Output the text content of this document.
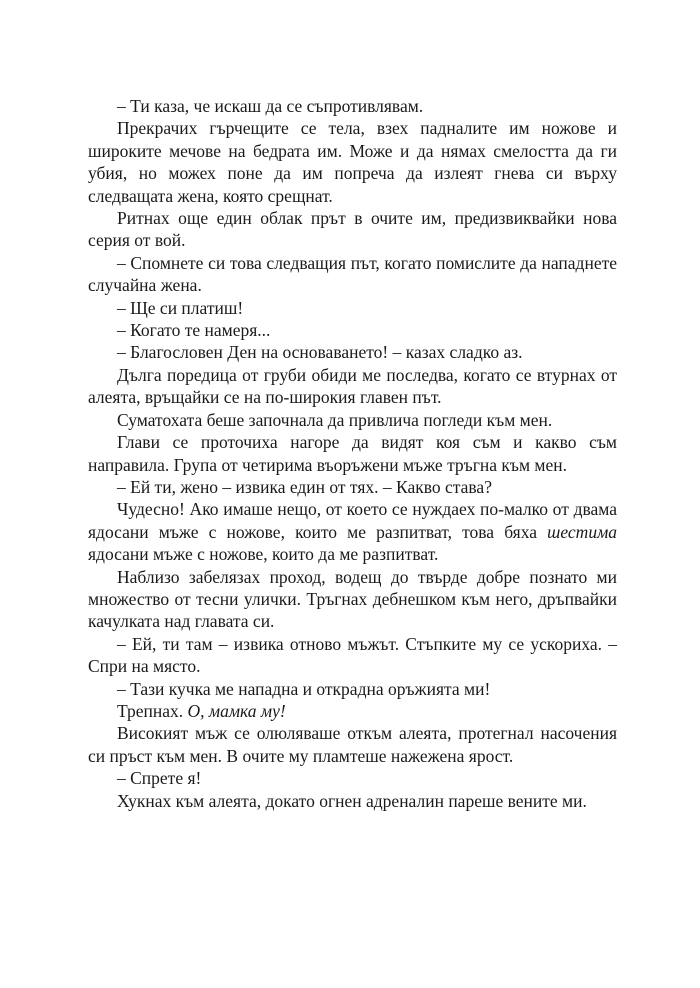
– Ти каза, че искаш да се съпротивлявам.

Прекрачих гърчещите се тела, взех падналите им ножове и широките мечове на бедрата им. Може и да нямах смелостта да ги убия, но можех поне да им попреча да излеят гнева си върху следващата жена, която срещнат.

Ритнах още един облак прът в очите им, предизвиквайки нова серия от вой.

– Спомнете си това следващия път, когато помислите да нападнете случайна жена.

– Ще си платиш!

– Когато те намеря...

– Благословен Ден на основаването! – казах сладко аз.

Дълга поредица от груби обиди ме последва, когато се втурнах от алеята, връщайки се на по-широкия главен път.

Суматохата беше започнала да привлича погледи към мен.

Глави се проточиха нагоре да видят коя съм и какво съм направила. Група от четирима въоръжени мъже тръгна към мен.

– Ей ти, жено – извика един от тях. – Какво става?

Чудесно! Ако имаше нещо, от което се нуждаех по-малко от двама ядосани мъже с ножове, които ме разпитват, това бяха шестима ядосани мъже с ножове, които да ме разпитват.

Наблизо забелязах проход, водещ до твърде добре познато ми множество от тесни улички. Тръгнах дебнешком към него, дръпвайки качулката над главата си.

– Ей, ти там – извика отново мъжът. Стъпките му се ускориха. – Спри на място.

– Тази кучка ме нападна и открадна оръжията ми!

Трепнах. О, мамка му!

Високият мъж се олюляваше откъм алеята, протегнал насочения си пръст към мен. В очите му пламтеше нажежена ярост.

– Спрете я!

Хукнах към алеята, докато огнен адреналин пареше вените ми.
